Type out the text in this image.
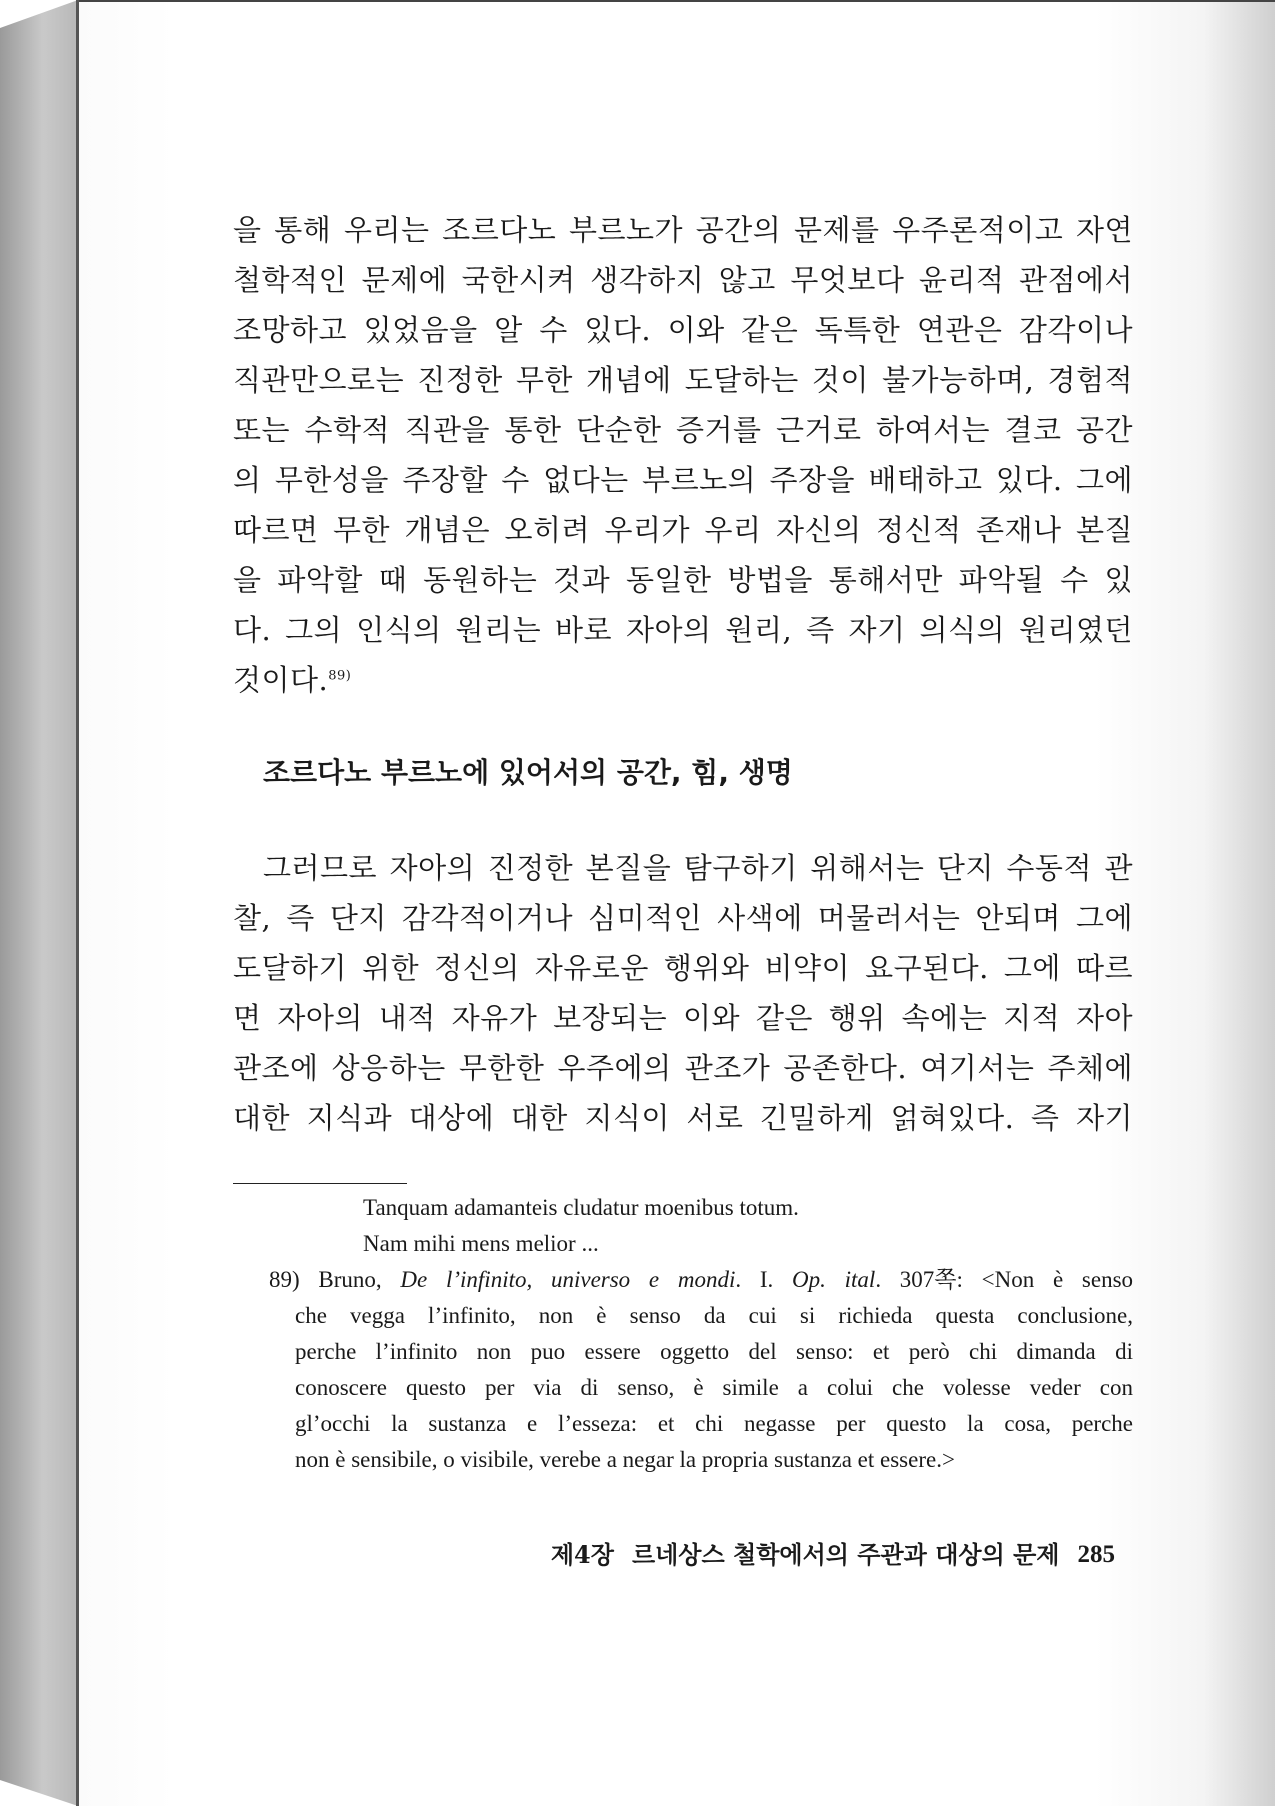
을 통해 우리는 조르다노 부르노가 공간의 문제를 우주론적이고 자연
철학적인 문제에 국한시켜 생각하지 않고 무엇보다 윤리적 관점에서
조망하고 있었음을 알 수 있다. 이와 같은 독특한 연관은 감각이나
직관만으로는 진정한 무한 개념에 도달하는 것이 불가능하며, 경험적
또는 수학적 직관을 통한 단순한 증거를 근거로 하여서는 결코 공간
의 무한성을 주장할 수 없다는 부르노의 주장을 배태하고 있다. 그에
따르면 무한 개념은 오히려 우리가 우리 자신의 정신적 존재나 본질
을 파악할 때 동원하는 것과 동일한 방법을 통해서만 파악될 수 있
다. 그의 인식의 원리는 바로 자아의 원리, 즉 자기 의식의 원리였던
것이다.$^{89)}$

조르다노 부르노에 있어서의 공간, 힘, 생명

그러므로 자아의 진정한 본질을 탐구하기 위해서는 단지 수동적 관
찰, 즉 단지 감각적이거나 심미적인 사색에 머물러서는 안되며 그에
도달하기 위한 정신의 자유로운 행위와 비약이 요구된다. 그에 따르
면 자아의 내적 자유가 보장되는 이와 같은 행위 속에는 지적 자아
관조에 상응하는 무한한 우주에의 관조가 공존한다. 여기서는 주체에
대한 지식과 대상에 대한 지식이 서로 긴밀하게 얽혀있다. 즉 자기

Tanquam adamanteis cludatur moenibus totum.

Nam mihi mens melior ...

89) Bruno, De l’infinito, universo e mondi. I. Op. ital. 307쪽: <Non è senso
che vegga l’infinito, non è senso da cui si richieda questa conclusione,
perche l’infinito non puo essere oggetto del senso: et però chi dimanda di
conoscere questo per via di senso, è simile a colui che volesse veder con
gl’occhi la sustanza e l’esseza: et chi negasse per questo la cosa, perche
non è sensibile, o visibile, verebe a negar la propria sustanza et essere.>
제4장 르네상스 철학에서의 주관과 대상의 문제 285
